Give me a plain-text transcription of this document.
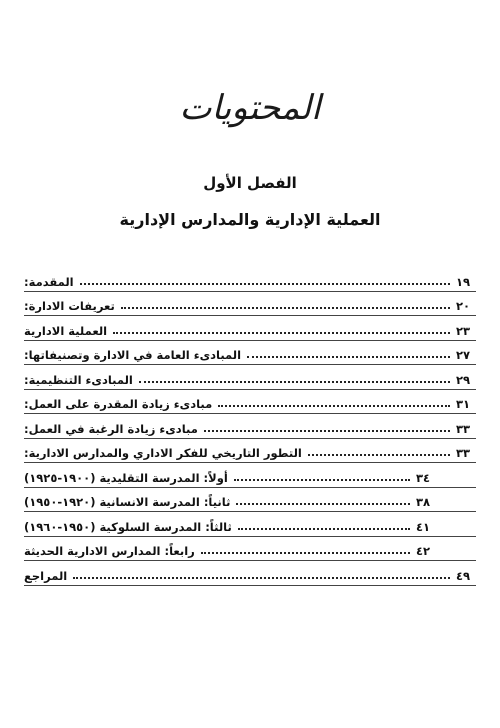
المحتويات
الفصل الأول
العملية الإدارية والمدارس الإدارية
المقدمة:	١٩
تعريفات الادارة:	٢٠
العملية الادارية	٢٣
المبادىء العامة في الادارة وتصنيفاتها:	٢٧
المبادىء التنظيمية:	٢٩
مبادىء زيادة المقدرة على العمل:	٣١
مبادىء زيادة الرغبة في العمل:	٣٣
التطور التاريخي للفكر الاداري والمدارس الادارية:	٣٣
أولاً: المدرسة التقليدية (١٩٠٠-١٩٢٥)	٣٤
ثانياً: المدرسة الانسانية (١٩٢٠-١٩٥٠)	٣٨
ثالثاً: المدرسة السلوكية (١٩٥٠-١٩٦٠)	٤١
رابعاً: المدارس الادارية الحديثة	٤٢
المراجع	٤٩
